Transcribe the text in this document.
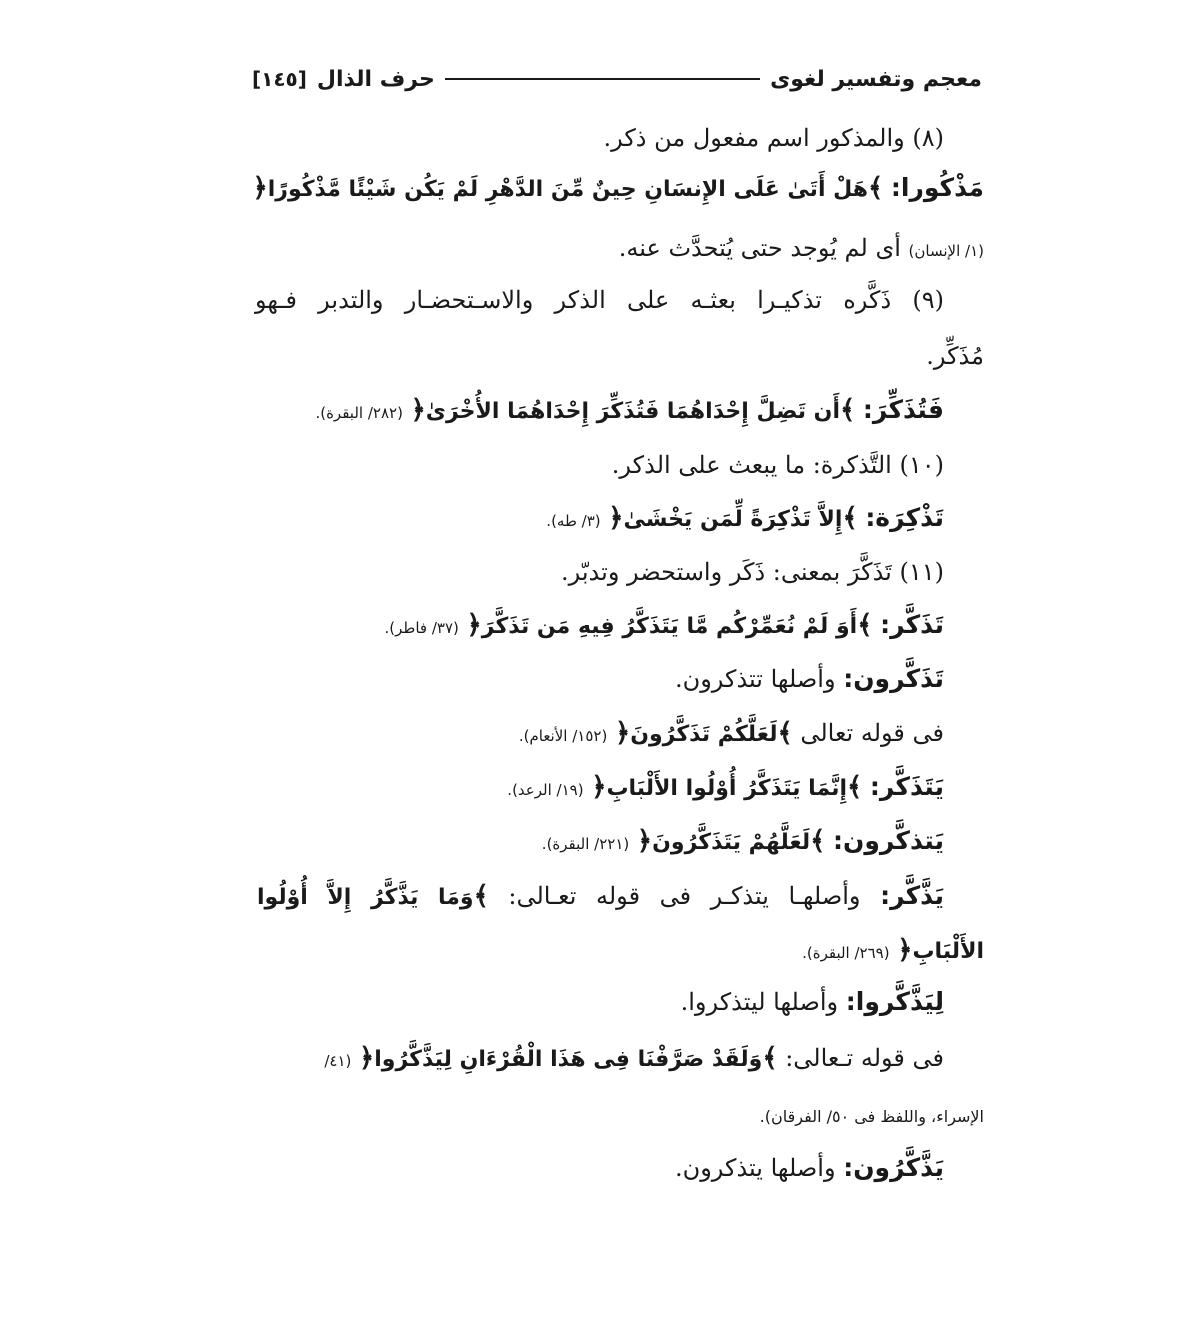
معجم وتفسير لغوى
حرف الذال
[١٤٥]
(٨) والمذكور اسم مفعول من ذكر.
مَذْكُورا: ﴾هَلْ أَتَىٰ عَلَى الإِنسَانِ حِينٌ مِّنَ الدَّهْرِ لَمْ يَكُن شَيْئًا مَّذْكُورًا﴿
(١/ الإنسان) أى لم يُوجد حتى يُتحدَّث عنه.
(٩) ذَكَّره تذكيـرا بعثـه على الذكر والاسـتحضـار والتدبر فـهو
مُذَكِّر.
فَتُذَكِّرَ: ﴾أَن تَضِلَّ إِحْدَاهُمَا فَتُذَكِّرَ إِحْدَاهُمَا الأُخْرَىٰ﴿ (٢٨٢/ البقرة).
(١٠) التَّذكرة: ما يبعث على الذكر.
تَذْكِرَة: ﴾إِلاَّ تَذْكِرَةً لِّمَن يَخْشَىٰ﴿ (٣/ طه).
(١١) تَذَكَّرَ بمعنى: ذَكَر واستحضر وتدبّر.
تَذَكَّر: ﴾أَوَ لَمْ نُعَمِّرْكُم مَّا يَتَذَكَّرُ فِيهِ مَن تَذَكَّرَ﴿ (٣٧/ فاطر).
تَذَكَّرون: وأصلها تتذكرون.
فى قوله تعالى ﴾لَعَلَّكُمْ تَذَكَّرُونَ﴿ (١٥٢/ الأنعام).
يَتَذَكَّر: ﴾إِنَّمَا يَتَذَكَّرُ أُوْلُوا الأَلْبَابِ﴿ (١٩/ الرعد).
يَتذكَّرون: ﴾لَعَلَّهُمْ يَتَذَكَّرُونَ﴿ (٢٢١/ البقرة).
يَذَّكَّر: وأصلهـا يتذكـر فى قوله تعـالى: ﴾وَمَا يَذَّكَّرُ إِلاَّ أُوْلُوا
الأَلْبَابِ﴿ (٢٦٩/ البقرة).
لِيَذَّكَّروا: وأصلها ليتذكروا.
فى قوله تـعالى: ﴾وَلَقَدْ صَرَّفْنَا فِى هَذَا الْقُرْءَانِ لِيَذَّكَّرُوا﴿ (٤١/
الإسراء، واللفظ فى ٥٠/ الفرقان).
يَذَّكَّرُون: وأصلها يتذكرون.
